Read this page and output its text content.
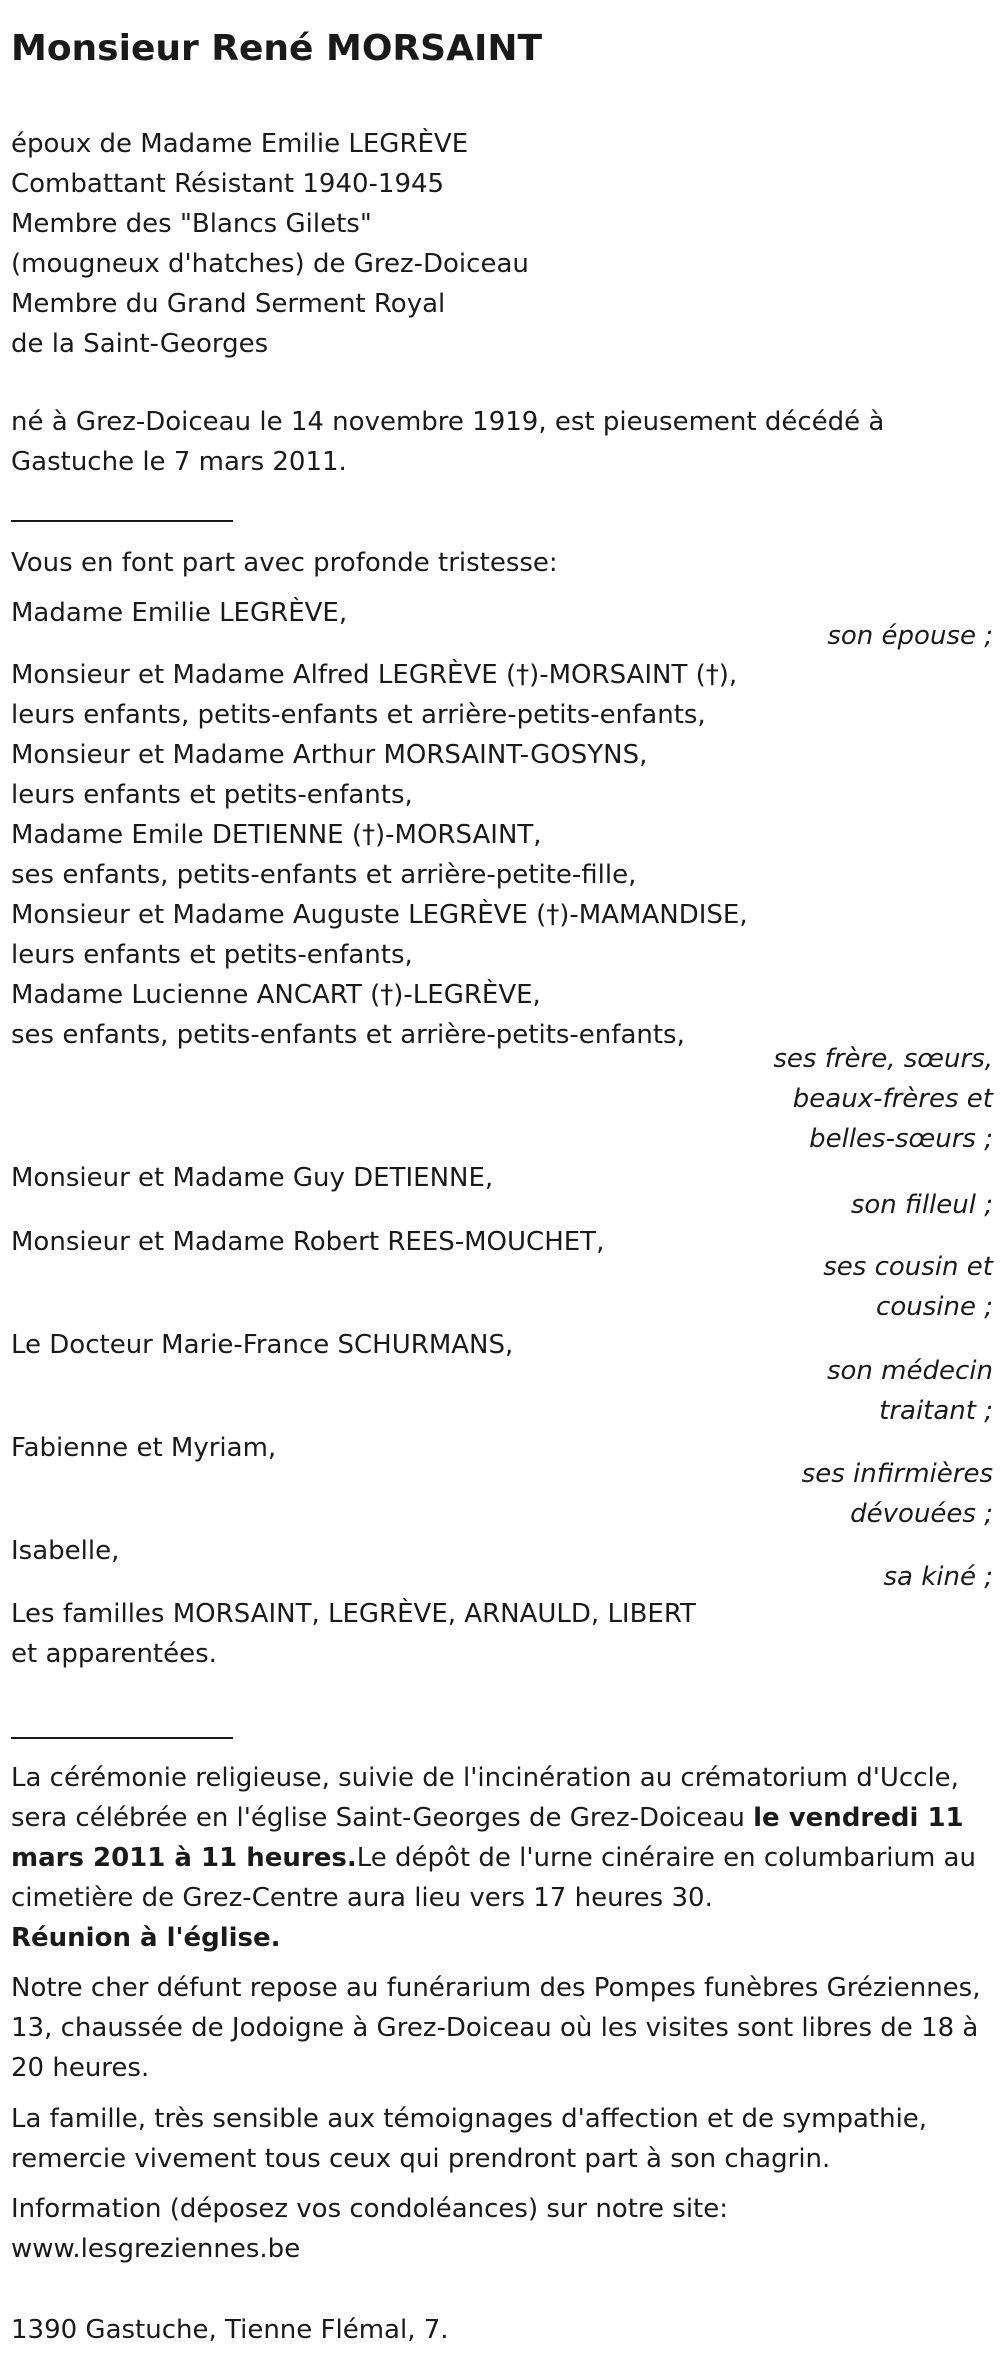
Monsieur René MORSAINT
époux de Madame Emilie LEGRÈVE
Combattant Résistant 1940-1945
Membre des "Blancs Gilets"
(mougneux d'hatches) de Grez-Doiceau
Membre du Grand Serment Royal
de la Saint-Georges
né à Grez-Doiceau le 14 novembre 1919, est pieusement décédé à
Gastuche le 7 mars 2011.
Vous en font part avec profonde tristesse:
Madame Emilie LEGRÈVE,
son épouse ;
Monsieur et Madame Alfred LEGRÈVE (†)-MORSAINT (†),
leurs enfants, petits-enfants et arrière-petits-enfants,
Monsieur et Madame Arthur MORSAINT-GOSYNS,
leurs enfants et petits-enfants,
Madame Emile DETIENNE (†)-MORSAINT,
ses enfants, petits-enfants et arrière-petite-fille,
Monsieur et Madame Auguste LEGRÈVE (†)-MAMANDISE,
leurs enfants et petits-enfants,
Madame Lucienne ANCART (†)-LEGRÈVE,
ses enfants, petits-enfants et arrière-petits-enfants,
ses frère, sœurs,
beaux-frères et
belles-sœurs ;
Monsieur et Madame Guy DETIENNE,
son filleul ;
Monsieur et Madame Robert REES-MOUCHET,
ses cousin et
cousine ;
Le Docteur Marie-France SCHURMANS,
son médecin
traitant ;
Fabienne et Myriam,
ses infirmières
dévouées ;
Isabelle,
sa kiné ;
Les familles MORSAINT, LEGRÈVE, ARNAULD, LIBERT
et apparentées.
La cérémonie religieuse, suivie de l'incinération au crématorium d'Uccle, sera célébrée en l'église Saint-Georges de Grez-Doiceau le vendredi 11 mars 2011 à 11 heures.Le dépôt de l'urne cinéraire en columbarium au cimetière de Grez-Centre aura lieu vers 17 heures 30.
Réunion à l'église.
Notre cher défunt repose au funérarium des Pompes funèbres Gréziennes, 13, chaussée de Jodoigne à Grez-Doiceau où les visites sont libres de 18 à 20 heures.
La famille, très sensible aux témoignages d'affection et de sympathie, remercie vivement tous ceux qui prendront part à son chagrin.
Information (déposez vos condoléances) sur notre site:
www.lesgreziennes.be
1390 Gastuche, Tienne Flémal, 7.
